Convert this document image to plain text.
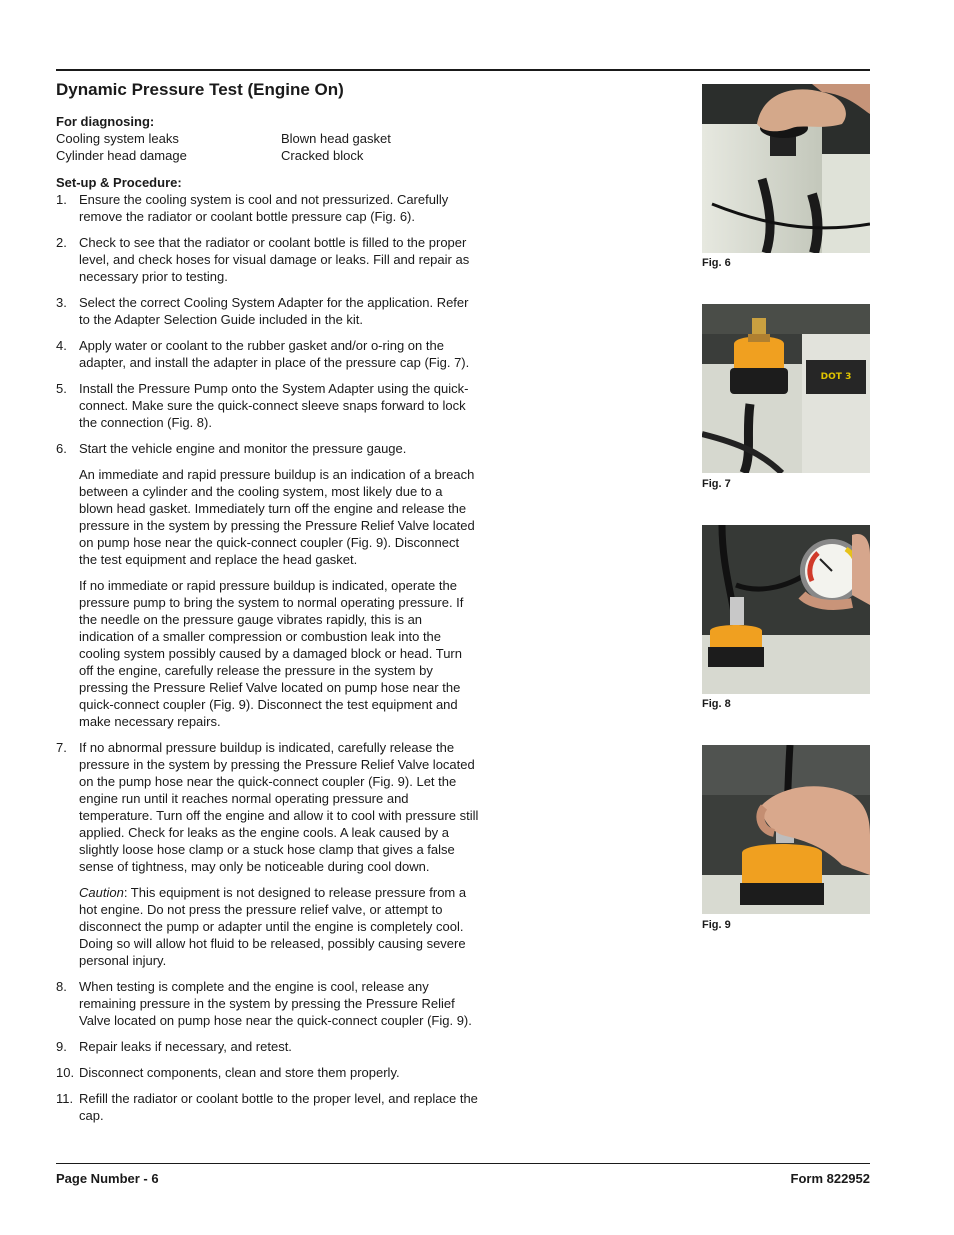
Dynamic Pressure Test (Engine On)
For diagnosing:
Cooling system leaks	Blown head gasket
Cylinder head damage	Cracked block
Set-up & Procedure:
1. Ensure the cooling system is cool and not pressurized. Carefully remove the radiator or coolant bottle pressure cap (Fig. 6).

2. Check to see that the radiator or coolant bottle is filled to the proper level, and check hoses for visual damage or leaks. Fill and repair as necessary prior to testing.

3. Select the correct Cooling System Adapter for the application. Refer to the Adapter Selection Guide included in the kit.

4. Apply water or coolant to the rubber gasket and/or o-ring on the adapter, and install the adapter in place of the pressure cap (Fig. 7).

5. Install the Pressure Pump onto the System Adapter using the quick-connect. Make sure the quick-connect sleeve snaps forward to lock the connection (Fig. 8).

6. Start the vehicle engine and monitor the pressure gauge.

An immediate and rapid pressure buildup is an indication of a breach between a cylinder and the cooling system, most likely due to a blown head gasket. Immediately turn off the engine and release the pressure in the system by pressing the Pressure Relief Valve located on pump hose near the quick-connect coupler (Fig. 9). Disconnect the test equipment and replace the head gasket.

If no immediate or rapid pressure buildup is indicated, operate the pressure pump to bring the system to normal operating pressure. If the needle on the pressure gauge vibrates rapidly, this is an indication of a smaller compression or combustion leak into the cooling system possibly caused by a damaged block or head. Turn off the engine, carefully release the pressure in the system by pressing the Pressure Relief Valve located on pump hose near the quick-connect coupler (Fig. 9). Disconnect the test equipment and make necessary repairs.

7. If no abnormal pressure buildup is indicated, carefully release the pressure in the system by pressing the Pressure Relief Valve located on the pump hose near the quick-connect coupler (Fig. 9). Let the engine run until it reaches normal operating pressure and temperature. Turn off the engine and allow it to cool with pressure still applied. Check for leaks as the engine cools. A leak caused by a slightly loose hose clamp or a stuck hose clamp that gives a false sense of tightness, may only be noticeable during cool down.

Caution: This equipment is not designed to release pressure from a hot engine. Do not press the pressure relief valve, or attempt to disconnect the pump or adapter until the engine is completely cool. Doing so will allow hot fluid to be released, possibly causing severe personal injury.

8. When testing is complete and the engine is cool, release any remaining pressure in the system by pressing the Pressure Relief Valve located on pump hose near the quick-connect coupler (Fig. 9).

9. Repair leaks if necessary, and retest.

10. Disconnect components, clean and store them properly.

11. Refill the radiator or coolant bottle to the proper level, and replace the cap.

Fig. 6
DOT 3
Fig. 7
Fig. 8
Fig. 9
Page Number - 6	Form 822952
